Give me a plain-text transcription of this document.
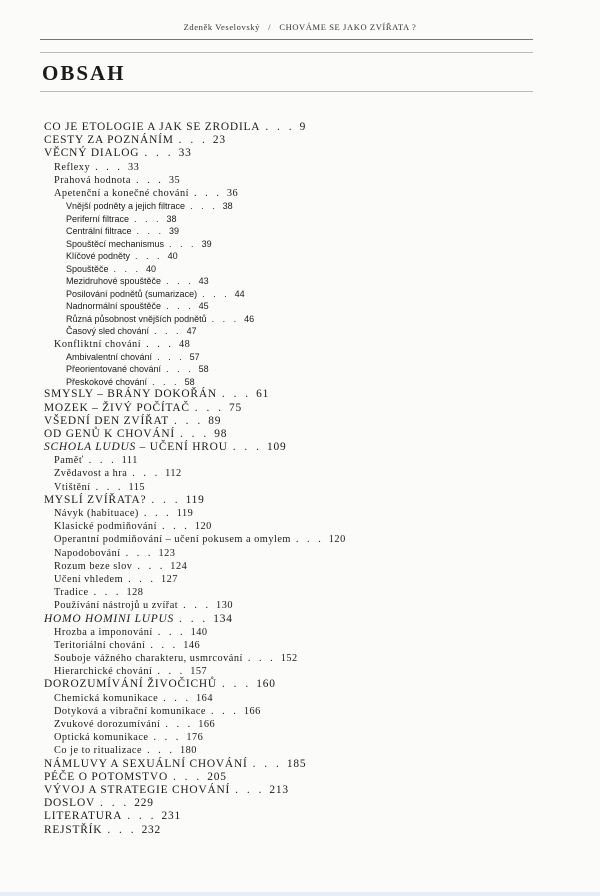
Zdeněk Veselovský / CHOVÁME SE JAKO ZVÍŘATA ?
OBSAH
CO JE ETOLOGIE A JAK SE ZRODILA . . . 9
CESTY ZA POZNÁNÍM . . . 23
VĚCNÝ DIALOG . . . 33
Reflexy . . . 33
Prahová hodnota . . . 35
Apetenční a konečné chování . . . 36
Vnější podněty a jejich filtrace . . . 38
Periferní filtrace . . . 38
Centrální filtrace . . . 39
Spouštěcí mechanismus . . . 39
Klíčové podněty . . . 40
Spouštěče . . . 40
Mezidruhové spouštěče . . . 43
Posilování podnětů (sumarizace) . . . 44
Nadnormální spouštěče . . . 45
Různá působnost vnějších podnětů . . . 46
Časový sled chování . . . 47
Konfliktní chování . . . 48
Ambivalentní chování . . . 57
Přeorientované chování . . . 58
Přeskokové chování . . . 58
SMYSLY – BRÁNY DOKOŘÁN . . . 61
MOZEK – ŽIVÝ POČÍTAČ . . . 75
VŠEDNÍ DEN ZVÍŘAT . . . 89
OD GENŮ K CHOVÁNÍ . . . 98
SCHOLA LUDUS – UČENÍ HROU . . . 109
Paměť . . . 111
Zvědavost a hra . . . 112
Vtištění . . . 115
MYSLÍ ZVÍŘATA? . . . 119
Návyk (habituace) . . . 119
Klasické podmiňování . . . 120
Operantní podmiňování – učení pokusem a omylem . . . 120
Napodobování . . . 123
Rozum beze slov . . . 124
Učení vhledem . . . 127
Tradice . . . 128
Používání nástrojů u zvířat . . . 130
HOMO HOMINI LUPUS . . . 134
Hrozba a imponování . . . 140
Teritoriální chování . . . 146
Souboje vážného charakteru, usmrcování . . . 152
Hierarchické chování . . . 157
DOROZUMÍVÁNÍ ŽIVOČICHŮ . . . 160
Chemická komunikace . . . 164
Dotyková a vibrační komunikace . . . 166
Zvukové dorozumívání . . . 166
Optická komunikace . . . 176
Co je to ritualizace . . . 180
NÁMLUVY A SEXUÁLNÍ CHOVÁNÍ . . . 185
PÉČE O POTOMSTVO . . . 205
VÝVOJ A STRATEGIE CHOVÁNÍ . . . 213
DOSLOV . . . 229
LITERATURA . . . 231
REJSTŘÍK . . . 232
